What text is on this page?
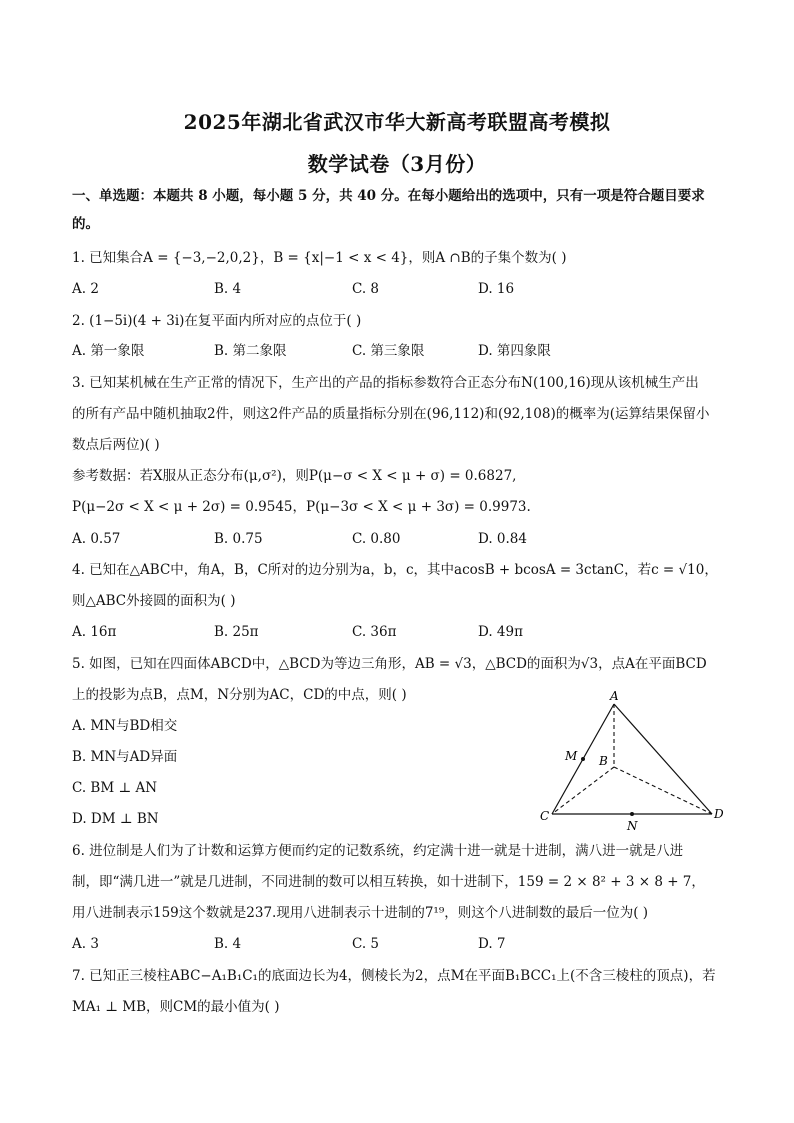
2025年湖北省武汉市华大新高考联盟高考模拟
数学试卷（3月份）
一、单选题：本题共 8 小题，每小题 5 分，共 40 分。在每小题给出的选项中，只有一项是符合题目要求
的。
1. 已知集合A = {−3,−2,0,2}，B = {x|−1 < x < 4}，则A ∩B的子集个数为( )
A. 2	B. 4	C. 8	D. 16
2. (1−5i)(4 + 3i)在复平面内所对应的点位于( )
A. 第一象限	B. 第二象限	C. 第三象限	D. 第四象限
3. 已知某机械在生产正常的情况下，生产出的产品的指标参数符合正态分布N(100,16)现从该机械生产出
的所有产品中随机抽取2件，则这2件产品的质量指标分别在(96,112)和(92,108)的概率为(运算结果保留小
数点后两位)( )
参考数据：若X服从正态分布(μ,σ²)，则P(μ−σ < X < μ + σ) = 0.6827,
P(μ−2σ < X < μ + 2σ) = 0.9545，P(μ−3σ < X < μ + 3σ) = 0.9973.
A. 0.57	B. 0.75	C. 0.80	D. 0.84
4. 已知在△ABC中，角A，B，C所对的边分别为a，b，c，其中acosB + bcosA = 3ctanC，若c = √10，
则△ABC外接圆的面积为( )
A. 16π	B. 25π	C. 36π	D. 49π
5. 如图，已知在四面体ABCD中，△BCD为等边三角形，AB = √3，△BCD的面积为√3，点A在平面BCD
上的投影为点B，点M，N分别为AC，CD的中点，则( )
A. MN与BD相交
B. MN与AD异面
C. BM ⊥ AN
D. DM ⊥ BN
A
B
C	D
M
N
6. 进位制是人们为了计数和运算方便而约定的记数系统，约定满十进一就是十进制，满八进一就是八进
制，即“满几进一”就是几进制，不同进制的数可以相互转换，如十进制下，159 = 2 × 8² + 3 × 8 + 7，
用八进制表示159这个数就是237.现用八进制表示十进制的7¹⁹，则这个八进制数的最后一位为( )
A. 3	B. 4	C. 5	D. 7
7. 已知正三棱柱ABC−A₁B₁C₁的底面边长为4，侧棱长为2，点M在平面B₁BCC₁上(不含三棱柱的顶点)，若
MA₁ ⊥ MB，则CM的最小值为( )
